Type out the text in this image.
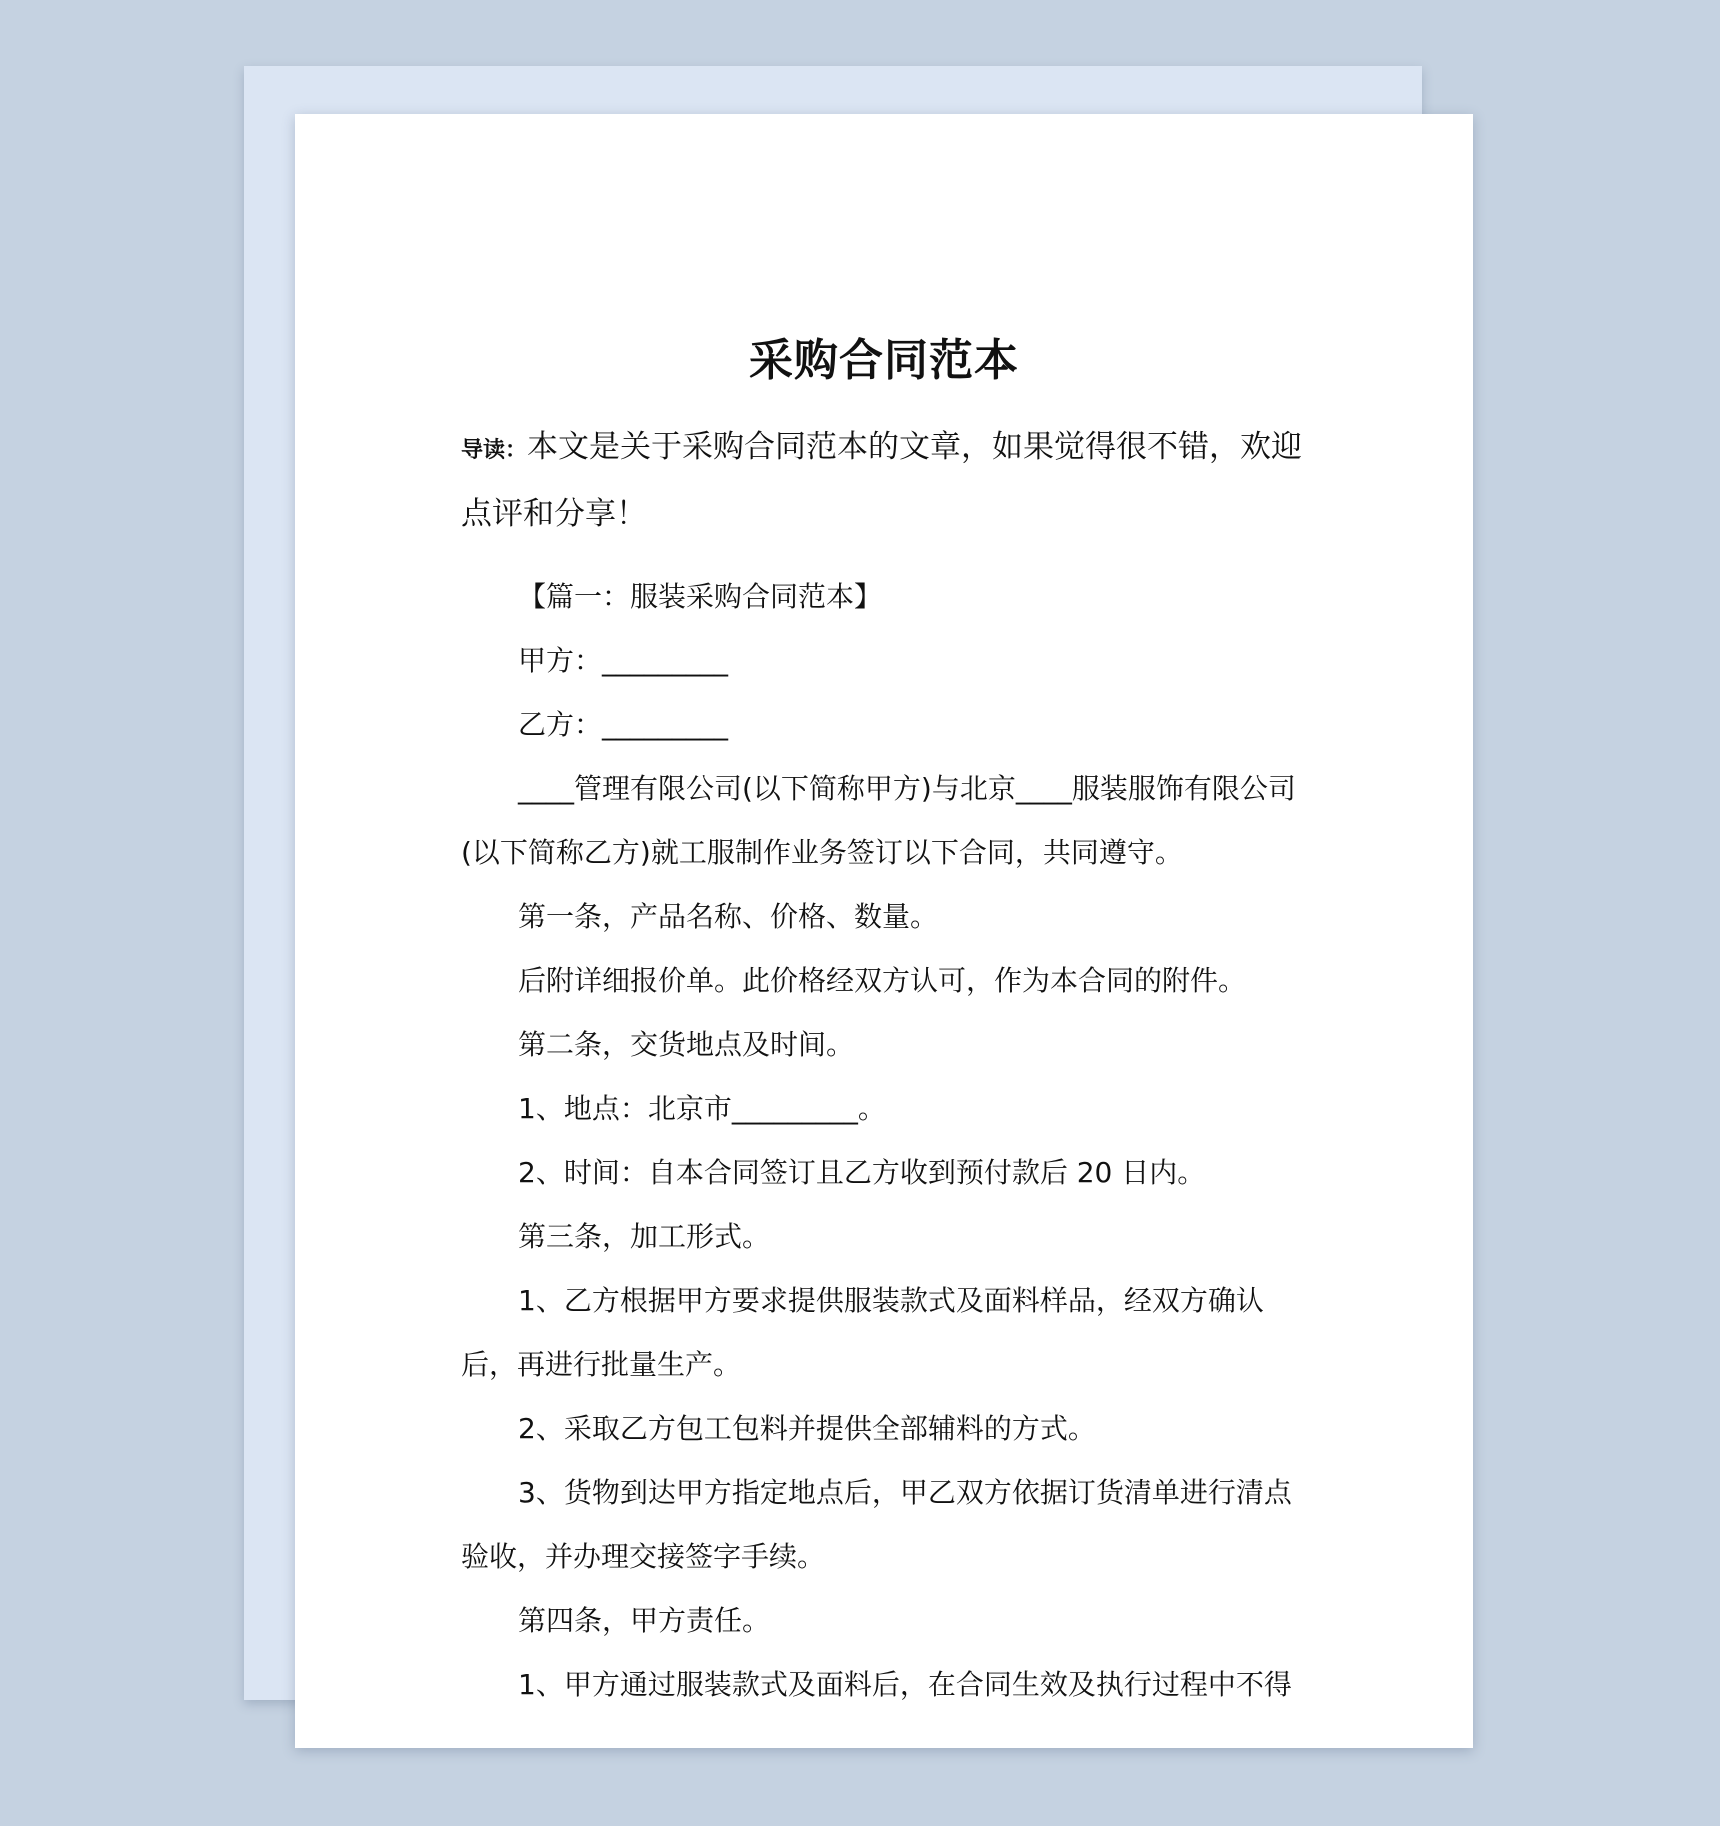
采购合同范本

导读：本文是关于采购合同范本的文章，如果觉得很不错，欢迎点评和分享！

【篇一：服装采购合同范本】

甲方：_________

乙方：_________

____管理有限公司(以下简称甲方)与北京____服装服饰有限公司(以下简称乙方)就工服制作业务签订以下合同，共同遵守。

第一条，产品名称、价格、数量。

后附详细报价单。此价格经双方认可，作为本合同的附件。

第二条，交货地点及时间。

1、地点：北京市_________。

2、时间：自本合同签订且乙方收到预付款后 20 日内。

第三条，加工形式。

1、乙方根据甲方要求提供服装款式及面料样品，经双方确认后，再进行批量生产。

2、采取乙方包工包料并提供全部辅料的方式。

3、货物到达甲方指定地点后，甲乙双方依据订货清单进行清点验收，并办理交接签字手续。

第四条，甲方责任。

1、甲方通过服装款式及面料后，在合同生效及执行过程中不得
